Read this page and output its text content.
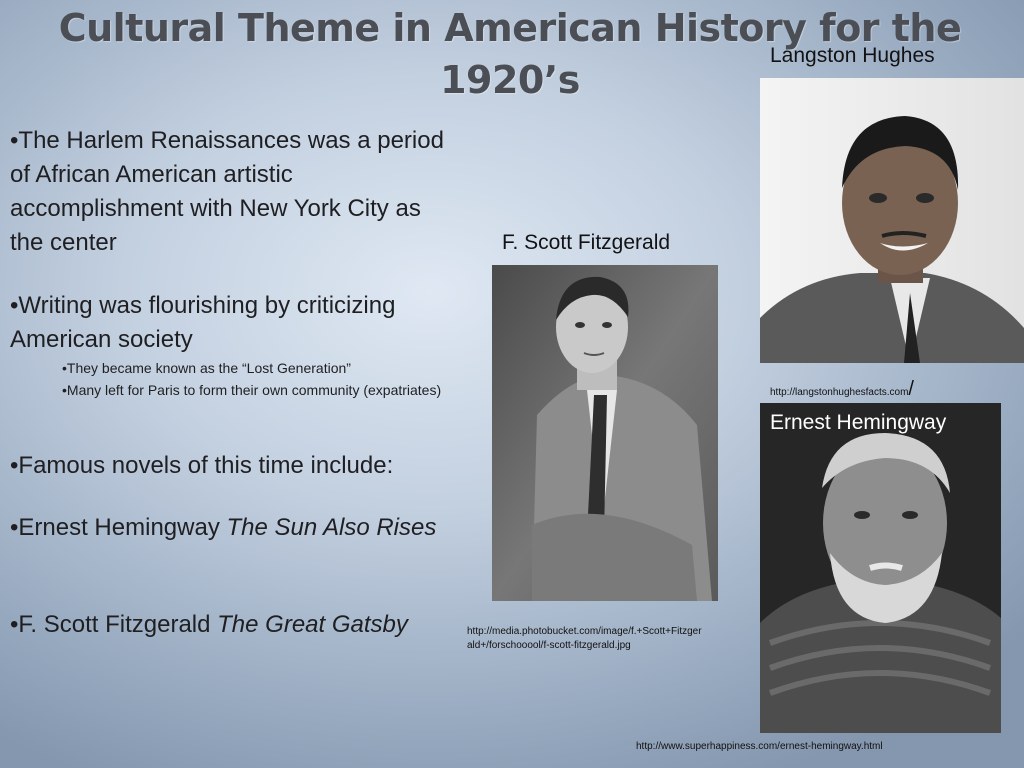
Cultural Theme in American History for the
1920’s
•The Harlem Renaissances was a period of African American artistic accomplishment with New York City as the center
•Writing was flourishing by criticizing American society
•They became known as the “Lost Generation”
•Many left for Paris to form their own community (expatriates)
•Famous novels of this time include:
•Ernest Hemingway The Sun Also Rises
•F. Scott Fitzgerald The Great Gatsby
Langston Hughes
http://langstonhughesfacts.com/
F. Scott Fitzgerald
http://media.photobucket.com/image/f.+Scott+Fitzger
ald+/forschooool/f-scott-fitzgerald.jpg
Ernest Hemingway
http://www.superhappiness.com/ernest-hemingway.html
